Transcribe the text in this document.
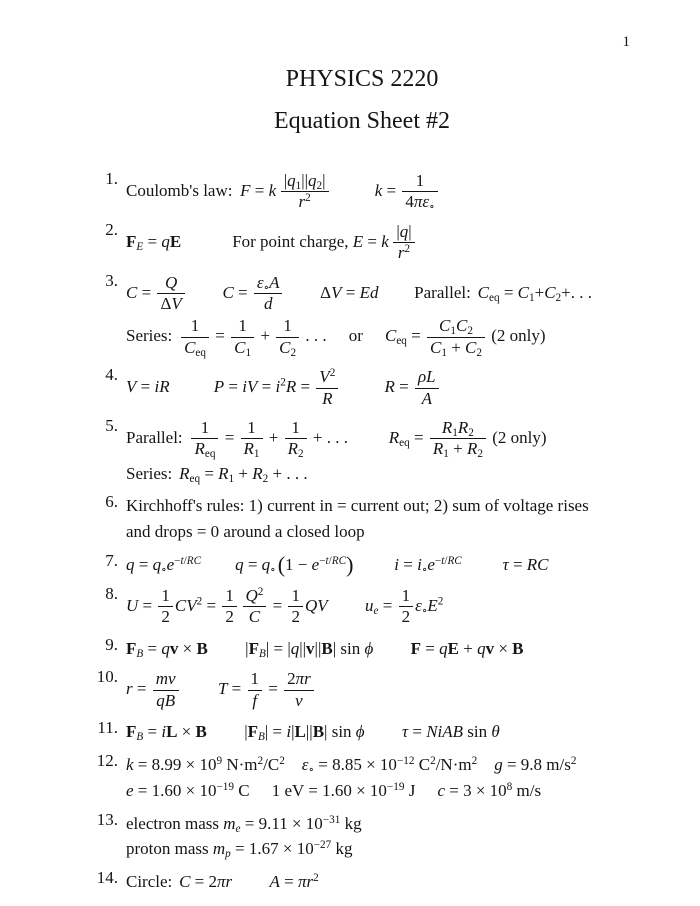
1
PHYSICS 2220
Equation Sheet #2
1.
Coulomb's law: F = k $\frac{|q_1||q_2|}{r^2}$	$k = \frac{1}{4\pi\varepsilon_\circ}$
2.
$F_E$ = qE	For point charge, E = k $\frac{|q|}{r^2}$
3.
$C = \frac{Q}{\Delta V}$ $C = \frac{\varepsilon_\circ A}{d}$ ΔV = Ed Parallel: $C_{eq} = C_1+C_2+$. . .
Series: $\frac{1}{C_{eq}} = \frac{1}{C_1} + \frac{1}{C_2}$ . . . or $C_{eq} = \frac{C_1C_2}{C_1 + C_2} (2$ only)
4.
V = iR	P = iV = $i^2R = \frac{V^2}{R}$	$R = \frac{\rho L}{A}$
5.
Parallel: $\frac{1}{R_{eq}} = \frac{1}{R_1} + \frac{1}{R_2}$ + . . . $R_{eq} = \frac{R_1R_2}{R_1 + R_2} (2$ only)
Series: $R_{eq} = R_1 + R_2$ + . . .
6. Kirchhoff's rules: 1) current in = current out; 2) sum of voltage rises
and drops = 0 around a closed loop
7. $q = q_\circ e^{-t/RC}$ $q = q_\circ(1 - e^{-t/RC}) i = i_\circ e^{-t/RC}$ τ = RC
8.
$U = \frac{1}{2} CV^2 = \frac{1}{2} \frac{Q^2}{C} = \frac{1}{2}$ QV $u_e = \frac{1}{2} \varepsilon_\circ E^2$
9. $F_B$ = qv × B $|F_B| = |q||v||B|$ sin ϕ F = qE + qv × B
10.
$r = \frac{mv}{qB}$ $T = \frac{1}{f} = \frac{2\pi r}{v}$
11. $F_B$ = iL × B $|F_B| = i|L||B|$ sin ϕ τ = NiAB sin θ
12. $k = 8.99 \times 10^9$ $N\cdot m^2/C^2$ $\varepsilon_\circ = 8.85 \times 10^{-12}$ $C^2/N\cdot m^2$ g = 9.8 $m/s^2$
$e = 1.60 \times 10^{-19}$ C 1 eV = $1.60 \times 10^{-19}$ J $c = 3 \times 10^8$ m/s
13. electron mass $m_e = 9.11 \times 10^{-31}$ kg
proton mass $m_p = 1.67 \times 10^{-27}$ kg
14. Circle: C = 2πr $A = \pi r^2$
